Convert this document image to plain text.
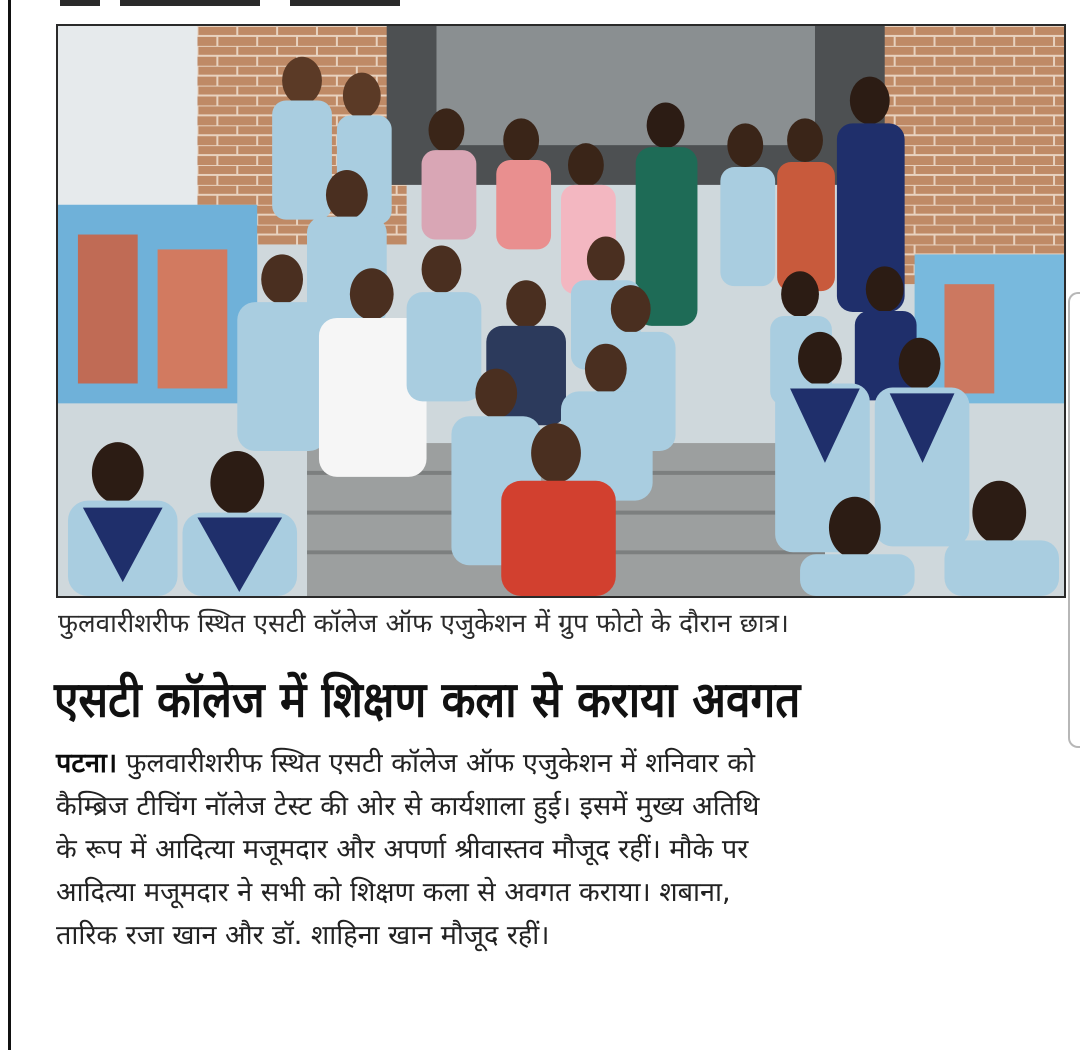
फुलवारीशरीफ स्थित एसटी कॉलेज ऑफ एजुकेशन में ग्रुप फोटो के दौरान छात्र।
एसटी कॉलेज में शिक्षण कला से कराया अवगत

पटना। फुलवारीशरीफ स्थित एसटी कॉलेज ऑफ एजुकेशन में शनिवार को

कैम्ब्रिज टीचिंग नॉलेज टेस्ट की ओर से कार्यशाला हुई। इसमें मुख्य अतिथि

के रूप में आदित्या मजूमदार और अपर्णा श्रीवास्तव मौजूद रहीं। मौके पर

आदित्या मजूमदार ने सभी को शिक्षण कला से अवगत कराया। शबाना,

तारिक रजा खान और डॉ. शाहिना खान मौजूद रहीं।
